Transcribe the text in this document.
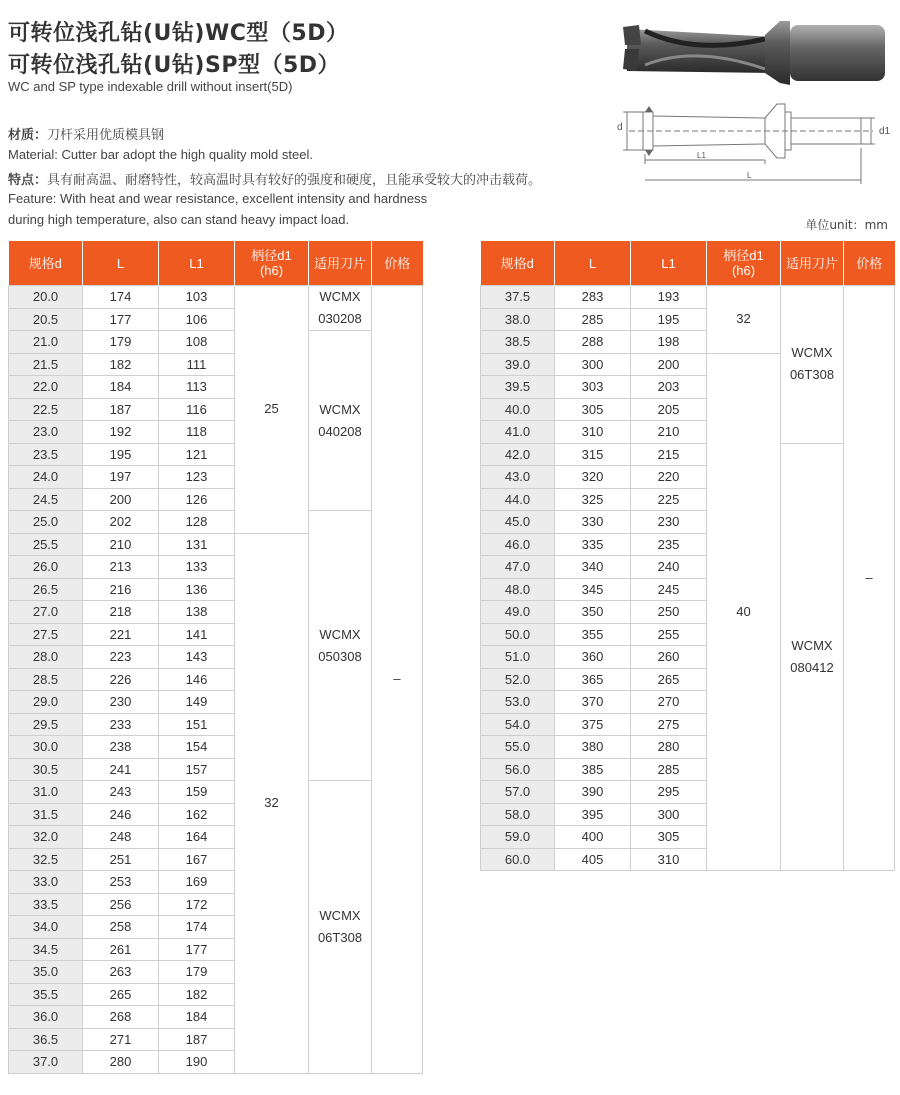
可转位浅孔钻(U钻)WC型（5D）
可转位浅孔钻(U钻)SP型（5D）
WC and SP type indexable drill without insert(5D)
材质：刀杆采用优质模具钢
Material: Cutter bar adopt the high quality mold steel.
特点：具有耐高温、耐磨特性，较高温时具有较好的强度和硬度，且能承受较大的冲击载荷。
Feature: With heat and wear resistance, excellent intensity and hardness
during high temperature, also can stand heavy impact load.	单位unit：mm
d	d1
L1
L
规格d	L	L1	柄径d1
(h6)	适用刀片	价格
20.0	174	103	25	WCMX
030208	–
20.5	177	106			
21.0	179	108		WCMX
040208	

21.5	182	111			
22.0	184	113			
22.5	187	116			
23.0	192	118			
23.5	195	121			
24.0	197	123			
24.5	200	126			
25.0	202	128		WCMX
050308	

25.5	210	131	32		
26.0	213	133			
26.5	216	136			
27.0	218	138			
27.5	221	141			
28.0	223	143			
28.5	226	146			
29.0	230	149			
29.5	233	151			
30.0	238	154			
30.5	241	157			
31.0	243	159		WCMX
06T308	

31.5	246	162			
32.0	248	164			
32.5	251	167			
33.0	253	169			
33.5	256	172			
34.0	258	174			
34.5	261	177			
35.0	263	179			
35.5	265	182			
36.0	268	184			
36.5	271	187			
37.0	280	190			
规格d	L	L1	柄径d1
(h6)	适用刀片	价格
37.5	283	193	32	WCMX
06T308	–
38.0	285	195			
38.5	288	198			
39.0	300	200	40		
39.5	303	203			
40.0	305	205			
41.0	310	210			
42.0	315	215		WCMX
080412	

43.0	320	220			
44.0	325	225			
45.0	330	230			
46.0	335	235			
47.0	340	240			
48.0	345	245			
49.0	350	250			
50.0	355	255			
51.0	360	260			
52.0	365	265			
53.0	370	270			
54.0	375	275			
55.0	380	280			
56.0	385	285			
57.0	390	295			
58.0	395	300			
59.0	400	305			
60.0	405	310			
